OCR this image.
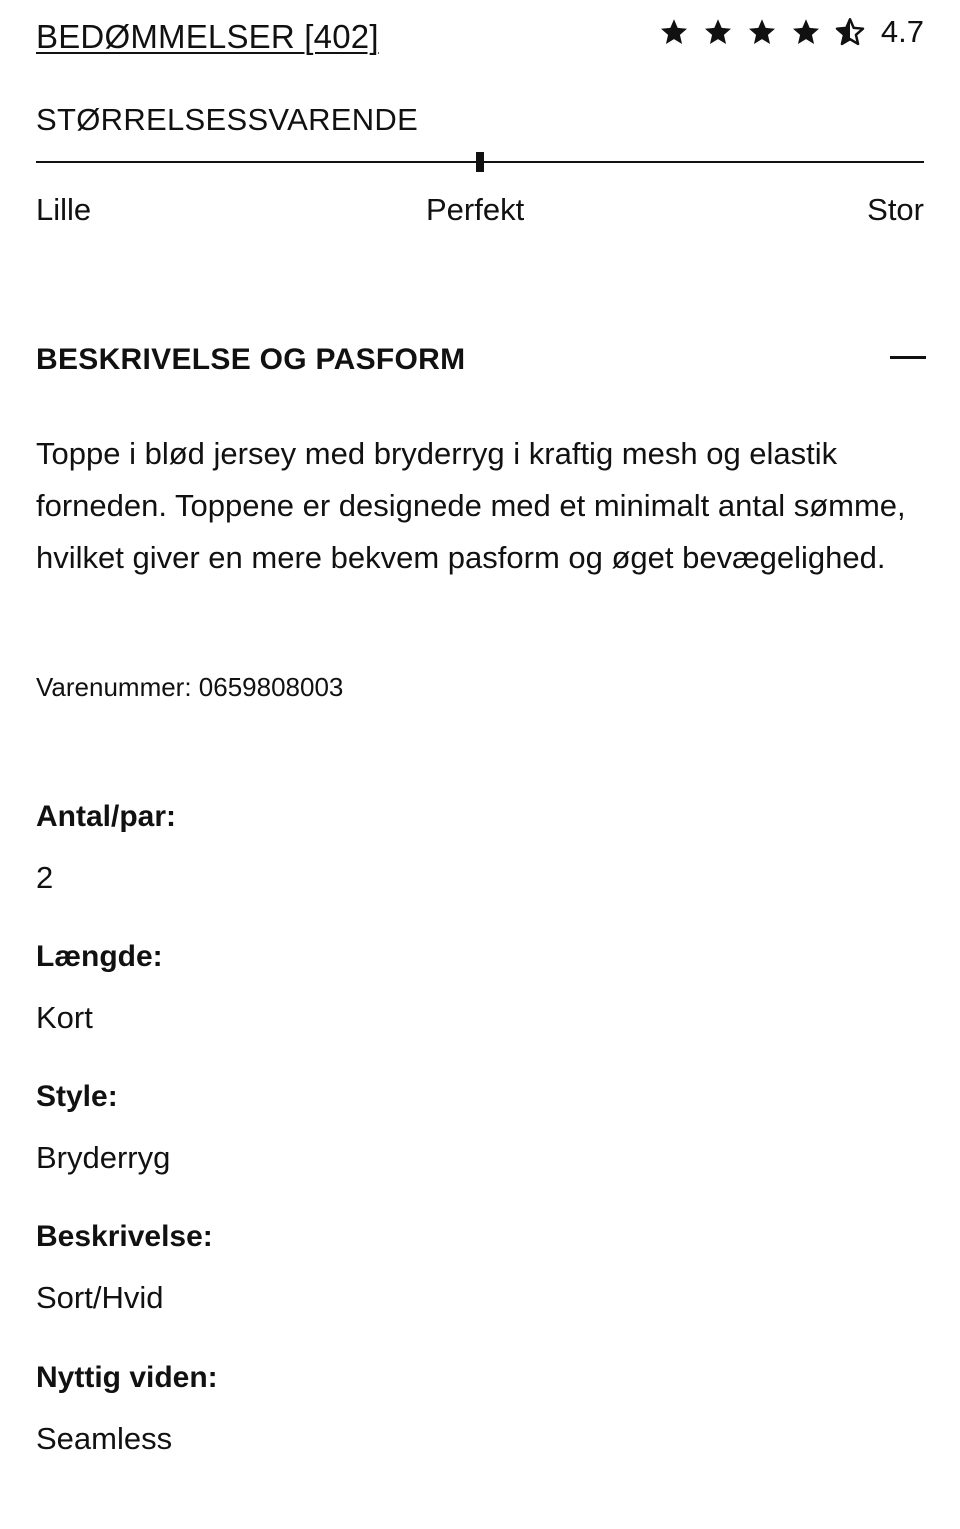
BEDØMMELSER [402]	4.7
STØRRELSESSVARENDE
Lille	Perfekt	Stor
BESKRIVELSE OG PASFORM

Toppe i blød jersey med bryderryg i kraftig mesh og elastik forneden. Toppene er designede med et minimalt antal sømme, hvilket giver en mere bekvem pasform og øget bevægelighed.

Varenummer: 0659808003
Antal/par:
2
Længde:
Kort
Style:
Bryderryg
Beskrivelse:
Sort/Hvid
Nyttig viden:
Seamless
